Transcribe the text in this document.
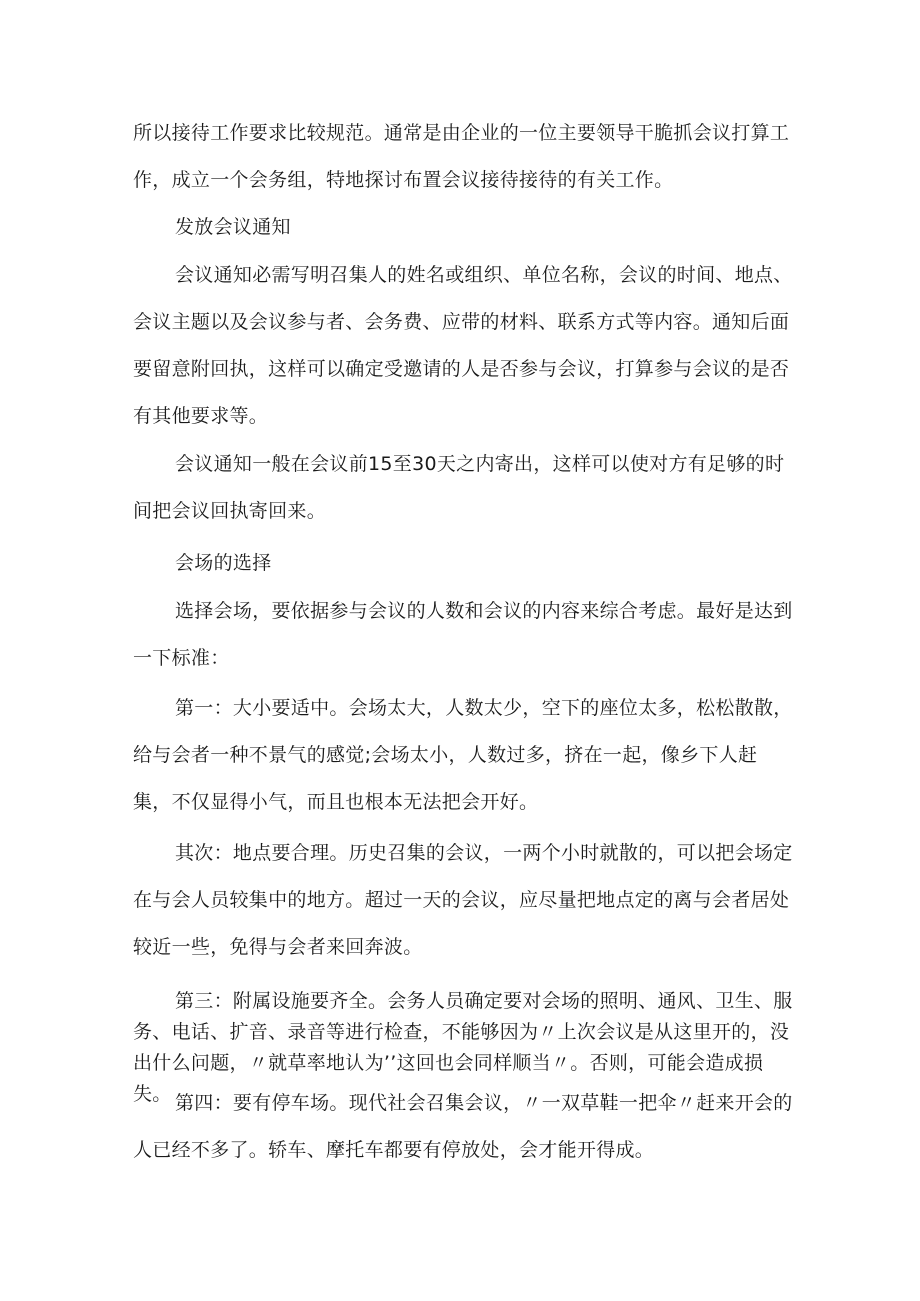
所以接待工作要求比较规范。通常是由企业的一位主要领导干脆抓会议打算工作，成立一个会务组，特地探讨布置会议接待接待的有关工作。

发放会议通知

会议通知必需写明召集人的姓名或组织、单位名称，会议的时间、地点、会议主题以及会议参与者、会务费、应带的材料、联系方式等内容。通知后面要留意附回执，这样可以确定受邀请的人是否参与会议，打算参与会议的是否有其他要求等。

会议通知一般在会议前15至30天之内寄出，这样可以使对方有足够的时间把会议回执寄回来。

会场的选择

选择会场，要依据参与会议的人数和会议的内容来综合考虑。最好是达到一下标准：

第一：大小要适中。会场太大，人数太少，空下的座位太多，松松散散，给与会者一种不景气的感觉;会场太小，人数过多，挤在一起，像乡下人赶集，不仅显得小气，而且也根本无法把会开好。

其次：地点要合理。历史召集的会议，一两个小时就散的，可以把会场定在与会人员较集中的地方。超过一天的会议，应尽量把地点定的离与会者居处较近一些，免得与会者来回奔波。

第三：附属设施要齐全。会务人员确定要对会场的照明、通风、卫生、服务、电话、扩音、录音等进行检查，不能够因为〃上次会议是从这里开的，没出什么问题，〃就草率地认为’’这回也会同样顺当〃。否则，可能会造成损失。 第四：要有停车场。现代社会召集会议，〃一双草鞋一把伞〃赶来开会的人已经不多了。轿车、摩托车都要有停放处，会才能开得成。
